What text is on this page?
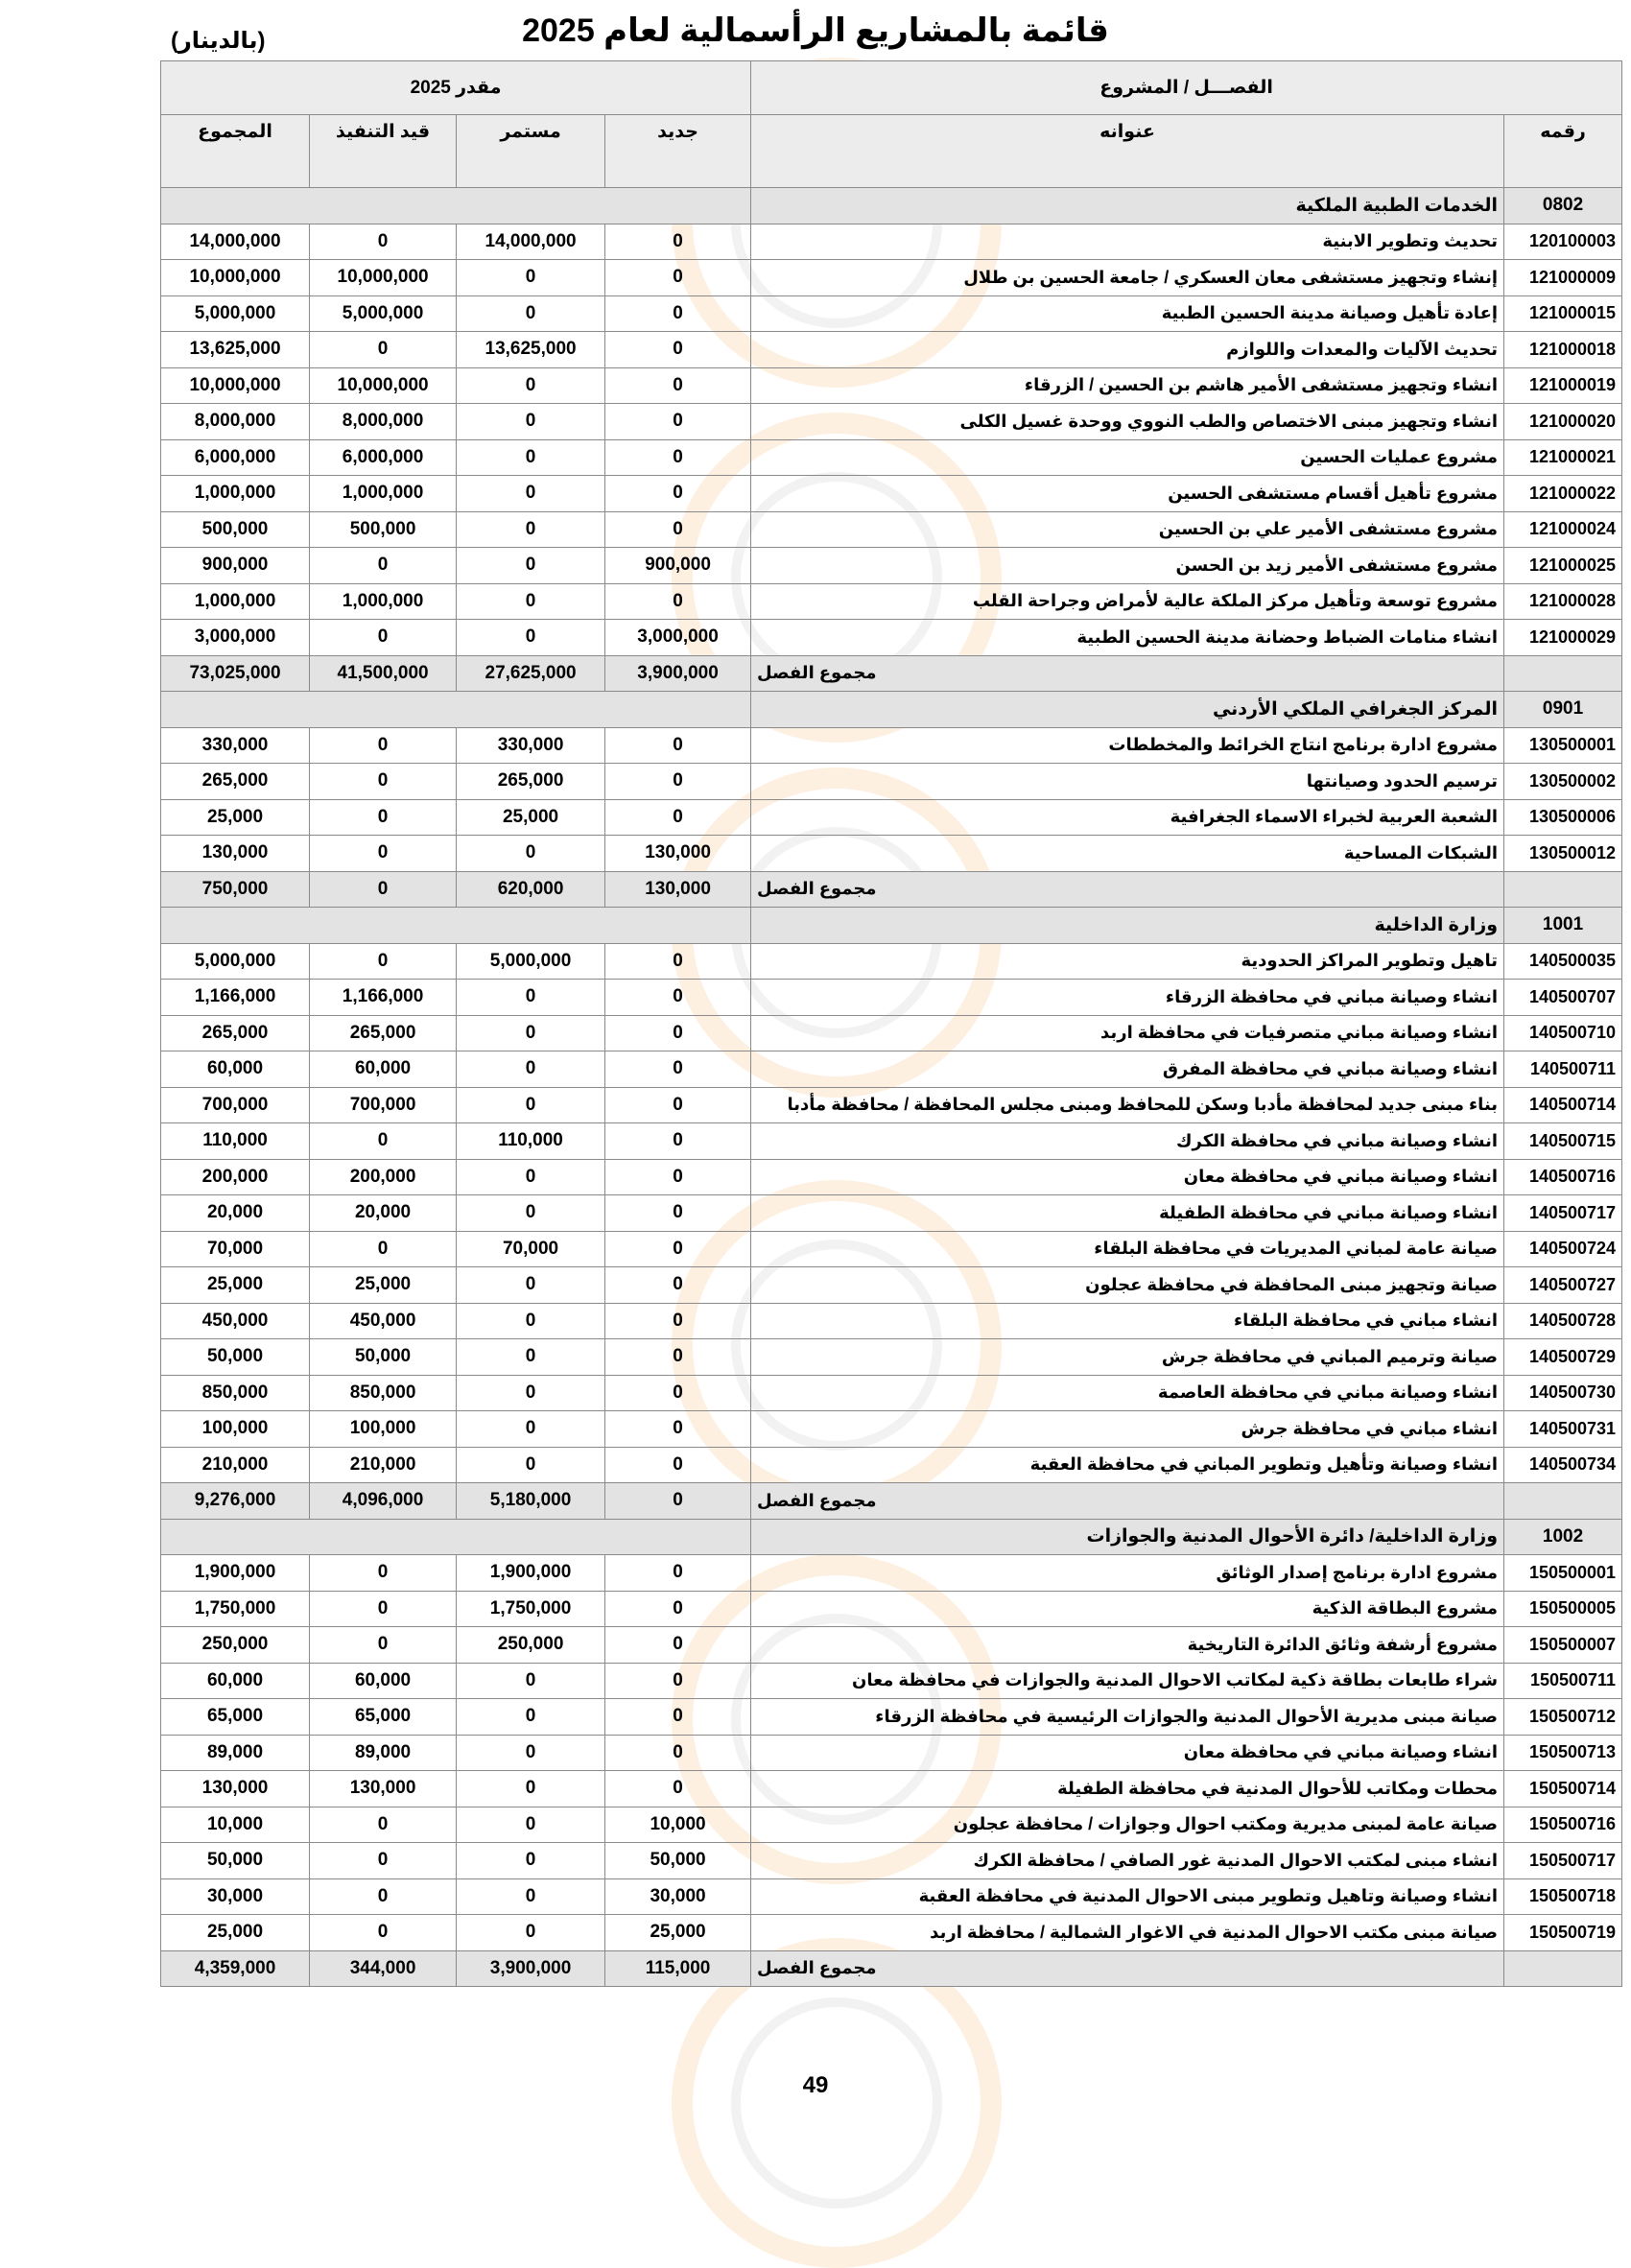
قائمة بالمشاريع الرأسمالية لعام 2025
(بالدينار)
الفصـــل / المشروع		مقدر 2025			
رقمه	عنوانه	جديد	مستمر	قيد التنفيذ	المجموع
0802	الخدمات الطبية الملكية				
120100003	تحديث وتطوير الابنية	0	14,000,000	0	14,000,000
121000009	إنشاء وتجهيز مستشفى معان العسكري / جامعة الحسين بن طلال	0	0	10,000,000	10,000,000
121000015	إعادة تأهيل وصيانة مدينة الحسين الطبية	0	0	5,000,000	5,000,000
121000018	تحديث الآليات والمعدات واللوازم	0	13,625,000	0	13,625,000
121000019	انشاء وتجهيز مستشفى الأمير هاشم بن الحسين / الزرقاء	0	0	10,000,000	10,000,000
121000020	انشاء وتجهيز مبنى الاختصاص والطب النووي ووحدة غسيل الكلى	0	0	8,000,000	8,000,000
121000021	مشروع عمليات الحسين	0	0	6,000,000	6,000,000
121000022	مشروع تأهيل أقسام مستشفى الحسين	0	0	1,000,000	1,000,000
121000024	مشروع مستشفى الأمير علي بن الحسين	0	0	500,000	500,000
121000025	مشروع مستشفى الأمير زيد بن الحسن	900,000	0	0	900,000
121000028	مشروع توسعة وتأهيل مركز الملكة عالية لأمراض وجراحة القلب	0	0	1,000,000	1,000,000
121000029	انشاء منامات الضباط وحضانة مدينة الحسين الطبية	3,000,000	0	0	3,000,000
	مجموع الفصل	3,900,000	27,625,000	41,500,000	73,025,000
0901	المركز الجغرافي الملكي الأردني				
130500001	مشروع ادارة برنامج انتاج الخرائط والمخططات	0	330,000	0	330,000
130500002	ترسيم الحدود وصيانتها	0	265,000	0	265,000
130500006	الشعبة العربية لخبراء الاسماء الجغرافية	0	25,000	0	25,000
130500012	الشبكات المساحية	130,000	0	0	130,000
	مجموع الفصل	130,000	620,000	0	750,000
1001	وزارة الداخلية				
140500035	تاهيل وتطوير المراكز الحدودية	0	5,000,000	0	5,000,000
140500707	انشاء وصيانة مباني في محافظة الزرقاء	0	0	1,166,000	1,166,000
140500710	انشاء وصيانة مباني متصرفيات في محافظة اربد	0	0	265,000	265,000
140500711	انشاء وصيانة مباني في محافظة المفرق	0	0	60,000	60,000
140500714	بناء مبنى جديد لمحافظة مأدبا وسكن للمحافظ ومبنى مجلس المحافظة / محافظة مأدبا	0	0	700,000	700,000
140500715	انشاء وصيانة مباني في محافظة الكرك	0	110,000	0	110,000
140500716	انشاء وصيانة مباني في محافظة معان	0	0	200,000	200,000
140500717	انشاء وصيانة مباني في محافظة الطفيلة	0	0	20,000	20,000
140500724	صيانة عامة لمباني المديريات في محافظة البلقاء	0	70,000	0	70,000
140500727	صيانة وتجهيز مبنى المحافظة في محافظة عجلون	0	0	25,000	25,000
140500728	انشاء مباني في محافظة البلقاء	0	0	450,000	450,000
140500729	صيانة وترميم المباني في محافظة جرش	0	0	50,000	50,000
140500730	انشاء وصيانة مباني في محافظة العاصمة	0	0	850,000	850,000
140500731	انشاء مباني في محافظة جرش	0	0	100,000	100,000
140500734	انشاء وصيانة وتأهيل وتطوير المباني في محافظة العقبة	0	0	210,000	210,000
	مجموع الفصل	0	5,180,000	4,096,000	9,276,000
1002	وزارة الداخلية/ دائرة الأحوال المدنية والجوازات				
150500001	مشروع ادارة برنامج إصدار الوثائق	0	1,900,000	0	1,900,000
150500005	مشروع البطاقة الذكية	0	1,750,000	0	1,750,000
150500007	مشروع أرشفة وثائق الدائرة التاريخية	0	250,000	0	250,000
150500711	شراء طابعات بطاقة ذكية لمكاتب الاحوال المدنية والجوازات في محافظة معان	0	0	60,000	60,000
150500712	صيانة مبنى مديرية الأحوال المدنية والجوازات الرئيسية في محافظة الزرقاء	0	0	65,000	65,000
150500713	انشاء وصيانة مباني في محافظة معان	0	0	89,000	89,000
150500714	محطات ومكاتب للأحوال المدنية في محافظة الطفيلة	0	0	130,000	130,000
150500716	صيانة عامة لمبنى مديرية ومكتب احوال وجوازات / محافظة عجلون	10,000	0	0	10,000
150500717	انشاء مبنى لمكتب الاحوال المدنية غور الصافي / محافظة الكرك	50,000	0	0	50,000
150500718	انشاء وصيانة وتاهيل وتطوير مبنى الاحوال المدنية في محافظة العقبة	30,000	0	0	30,000
150500719	صيانة مبنى مكتب الاحوال المدنية في الاغوار الشمالية / محافظة اربد	25,000	0	0	25,000
	مجموع الفصل	115,000	3,900,000	344,000	4,359,000
49
